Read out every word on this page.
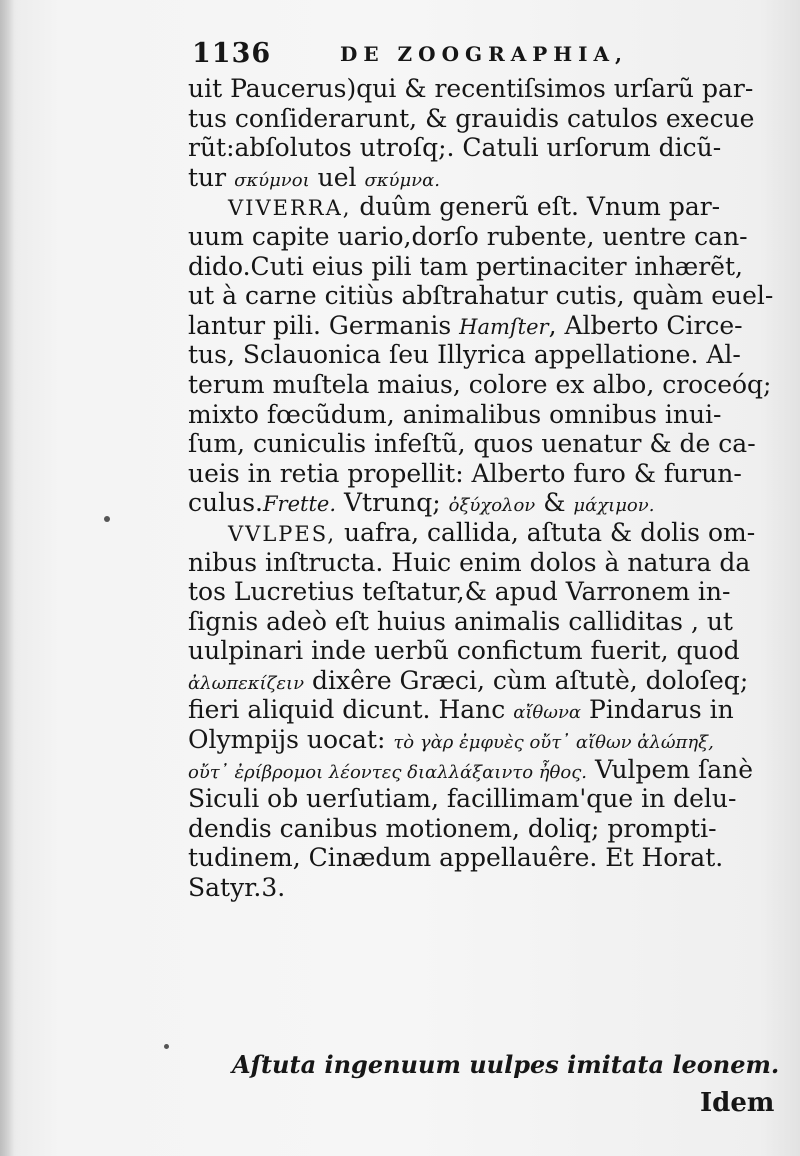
1136	DE ZOOGRAPHIA,
uit Paucerus)qui & recentiſsimos urſarũ par-
tus conſiderarunt, & grauidis catulos execue
rũt:abſolutos utroſq;. Catuli urſorum dicũ-
tur σκύμνοι uel σκύμνα.
VIVERRA, duûm generũ eſt. Vnum par-
uum capite uario,dorſo rubente, uentre can-
dido.Cuti eius pili tam pertinaciter inhærẽt,
ut à carne citiùs abſtrahatur cutis, quàm euel-
lantur pili. Germanis Hamſter, Alberto Circe-
tus, Sclauonica ſeu Illyrica appellatione. Al-
terum muſtela maius, colore ex albo, croceóq;
mixto fœcũdum, animalibus omnibus inui-
ſum, cuniculis infeſtũ, quos uenatur & de ca-
ueis in retia propellit: Alberto furo & furun-
culus.Frette. Vtrunq; ὀξύχολον & μάχιμον.
VVLPES, uafra, callida, aſtuta & dolis om-
nibus inſtructa. Huic enim dolos à natura da
tos Lucretius teſtatur,& apud Varronem in-
ſignis adeò eſt huius animalis calliditas , ut
uulpinari inde uerbũ confictum fuerit, quod
ἀλωπεκίζειν dixêre Græci, cùm aſtutè, doloſeq;
fieri aliquid dicunt. Hanc αἴθωνα Pindarus in
Olympijs uocat: τὸ γὰρ ἐμφυὲς οὔτ᾽ αἴθων ἀλώπηξ,
οὔτ᾽ ἐρίβρομοι λέοντες διαλλάξαιντο ἦθος. Vulpem ſanè
Siculi ob uerſutiam, facillimam'que in delu-
dendis canibus motionem, doliq; prompti-
tudinem, Cinædum appellauêre. Et Horat.
Satyr.3.
Aſtuta ingenuum uulpes imitata leonem.
Idem
